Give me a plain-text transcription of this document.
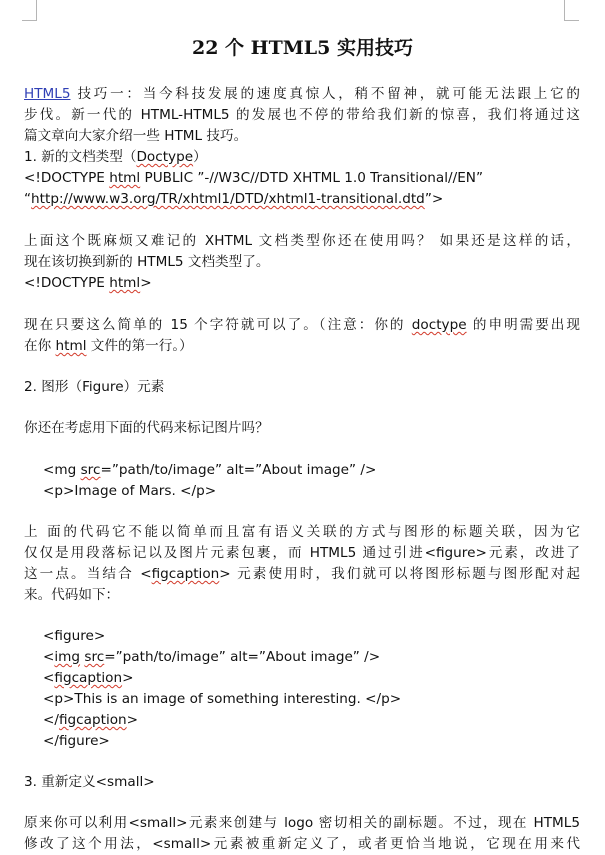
22 个 HTML5 实用技巧
HTML5 技巧一：当今科技发展的速度真惊人，稍不留神，就可能无法跟上它的
步伐。新一代的 HTML-HTML5 的发展也不停的带给我们新的惊喜，我们将通过这
篇文章向大家介绍一些 HTML 技巧。
1. 新的文档类型（Doctype）
<!DOCTYPE html PUBLIC ”-//W3C//DTD XHTML 1.0 Transitional//EN”
“http://www.w3.org/TR/xhtml1/DTD/xhtml1-transitional.dtd”>
上面这个既麻烦又难记的 XHTML 文档类型你还在使用吗？ 如果还是这样的话，
现在该切换到新的 HTML5 文档类型了。
<!DOCTYPE html>
现在只要这么简单的 15 个字符就可以了。（注意：你的 doctype 的申明需要出现
在你 html 文件的第一行。）
2. 图形（Figure）元素
你还在考虑用下面的代码来标记图片吗？
<mg src=”path/to/image” alt=”About image” />
<p>Image of Mars. </p>
上 面的代码它不能以简单而且富有语义关联的方式与图形的标题关联，因为它
仅仅是用段落标记以及图片元素包裹，而 HTML5 通过引进<figure>元素，改进了
这一点。当结合 <figcaption> 元素使用时，我们就可以将图形标题与图形配对起
来。代码如下：
<figure>
<img src=”path/to/image” alt=”About image” />
<figcaption>
<p>This is an image of something interesting. </p>
</figcaption>
</figure>
3. 重新定义<small>
原来你可以利用<small>元素来创建与 logo 密切相关的副标题。不过，现在 HTML5
修改了这个用法，<small>元素被重新定义了，或者更恰当地说，它现在用来代
